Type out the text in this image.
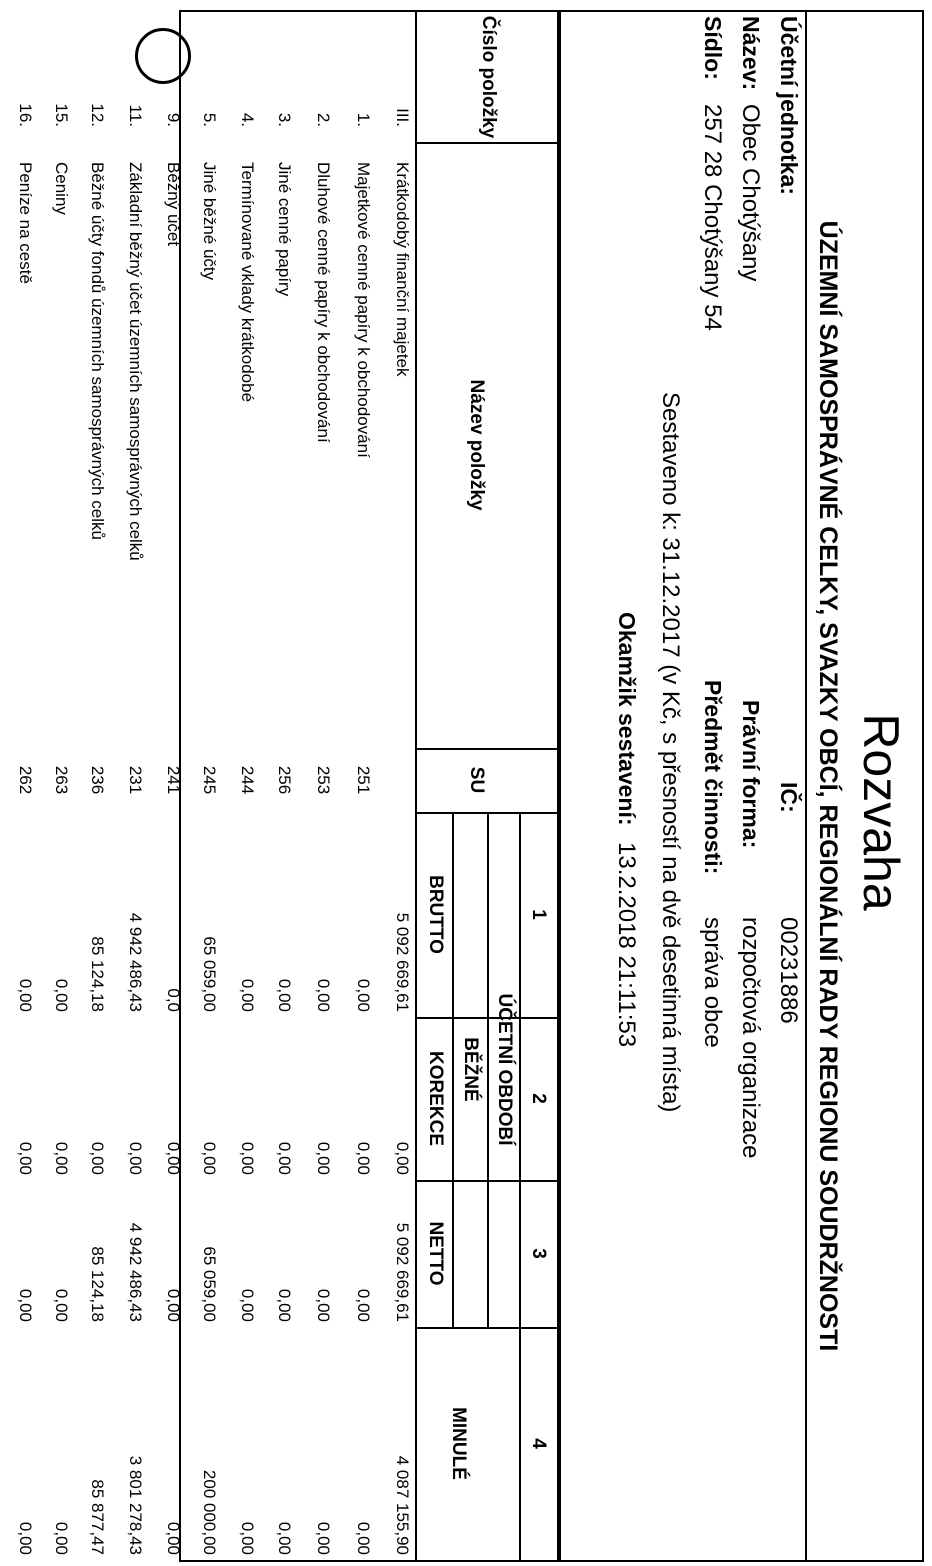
Rozvaha
ÚZEMNÍ SAMOSPRÁVNÉ CELKY, SVAZKY OBCÍ, REGIONÁLNÍ RADY REGIONU SOUDRŽNOSTI
Účetní jednotka:
IČ:
00231886
Název:
Obec Chotýšany
Právní forma:
rozpočtová organizace
Sídlo:
257 28 Chotýšany 54
Předmět činnosti:
správa obce
Sestaveno k: 31.12.2017 (v Kč, s přesností na dvě desetinná místa)
Okamžik sestavení:
13.2.2018 21:11:53
Číslo položky
Název položky
SU
1
2
3
4
ÚČETNÍ OBDOBÍ
BĚŽNÉ
MINULÉ
BRUTTO
KOREKCE
NETTO
III.
Krátkodobý finanční majetek
5 092 669,61
0,00
5 092 669,61
4 087 155,90
1.
Majetkové cenné papíry k obchodování
251
0,00
0,00
0,00
0,00
2.
Dluhové cenné papíry k obchodování
253
0,00
0,00
0,00
0,00
3.
Jiné cenné papíry
256
0,00
0,00
0,00
0,00
4.
Termínované vklady krátkodobé
244
0,00
0,00
0,00
0,00
5.
Jiné běžné účty
245
65 059,00
0,00
65 059,00
200 000,00
9.
Běžný účet
241
0,0
0,00
0,00
0,00
11.
Základní běžný účet územních samosprávných celků
231
4 942 486,43
0,00
4 942 486,43
3 801 278,43
12.
Běžné účty fondů územních samosprávných celků
236
85 124,18
0,00
85 124,18
85 877,47
15.
Ceniny
263
0,00
0,00
0,00
0,00
16.
Peníze na cestě
262
0,00
0,00
0,00
0,00
